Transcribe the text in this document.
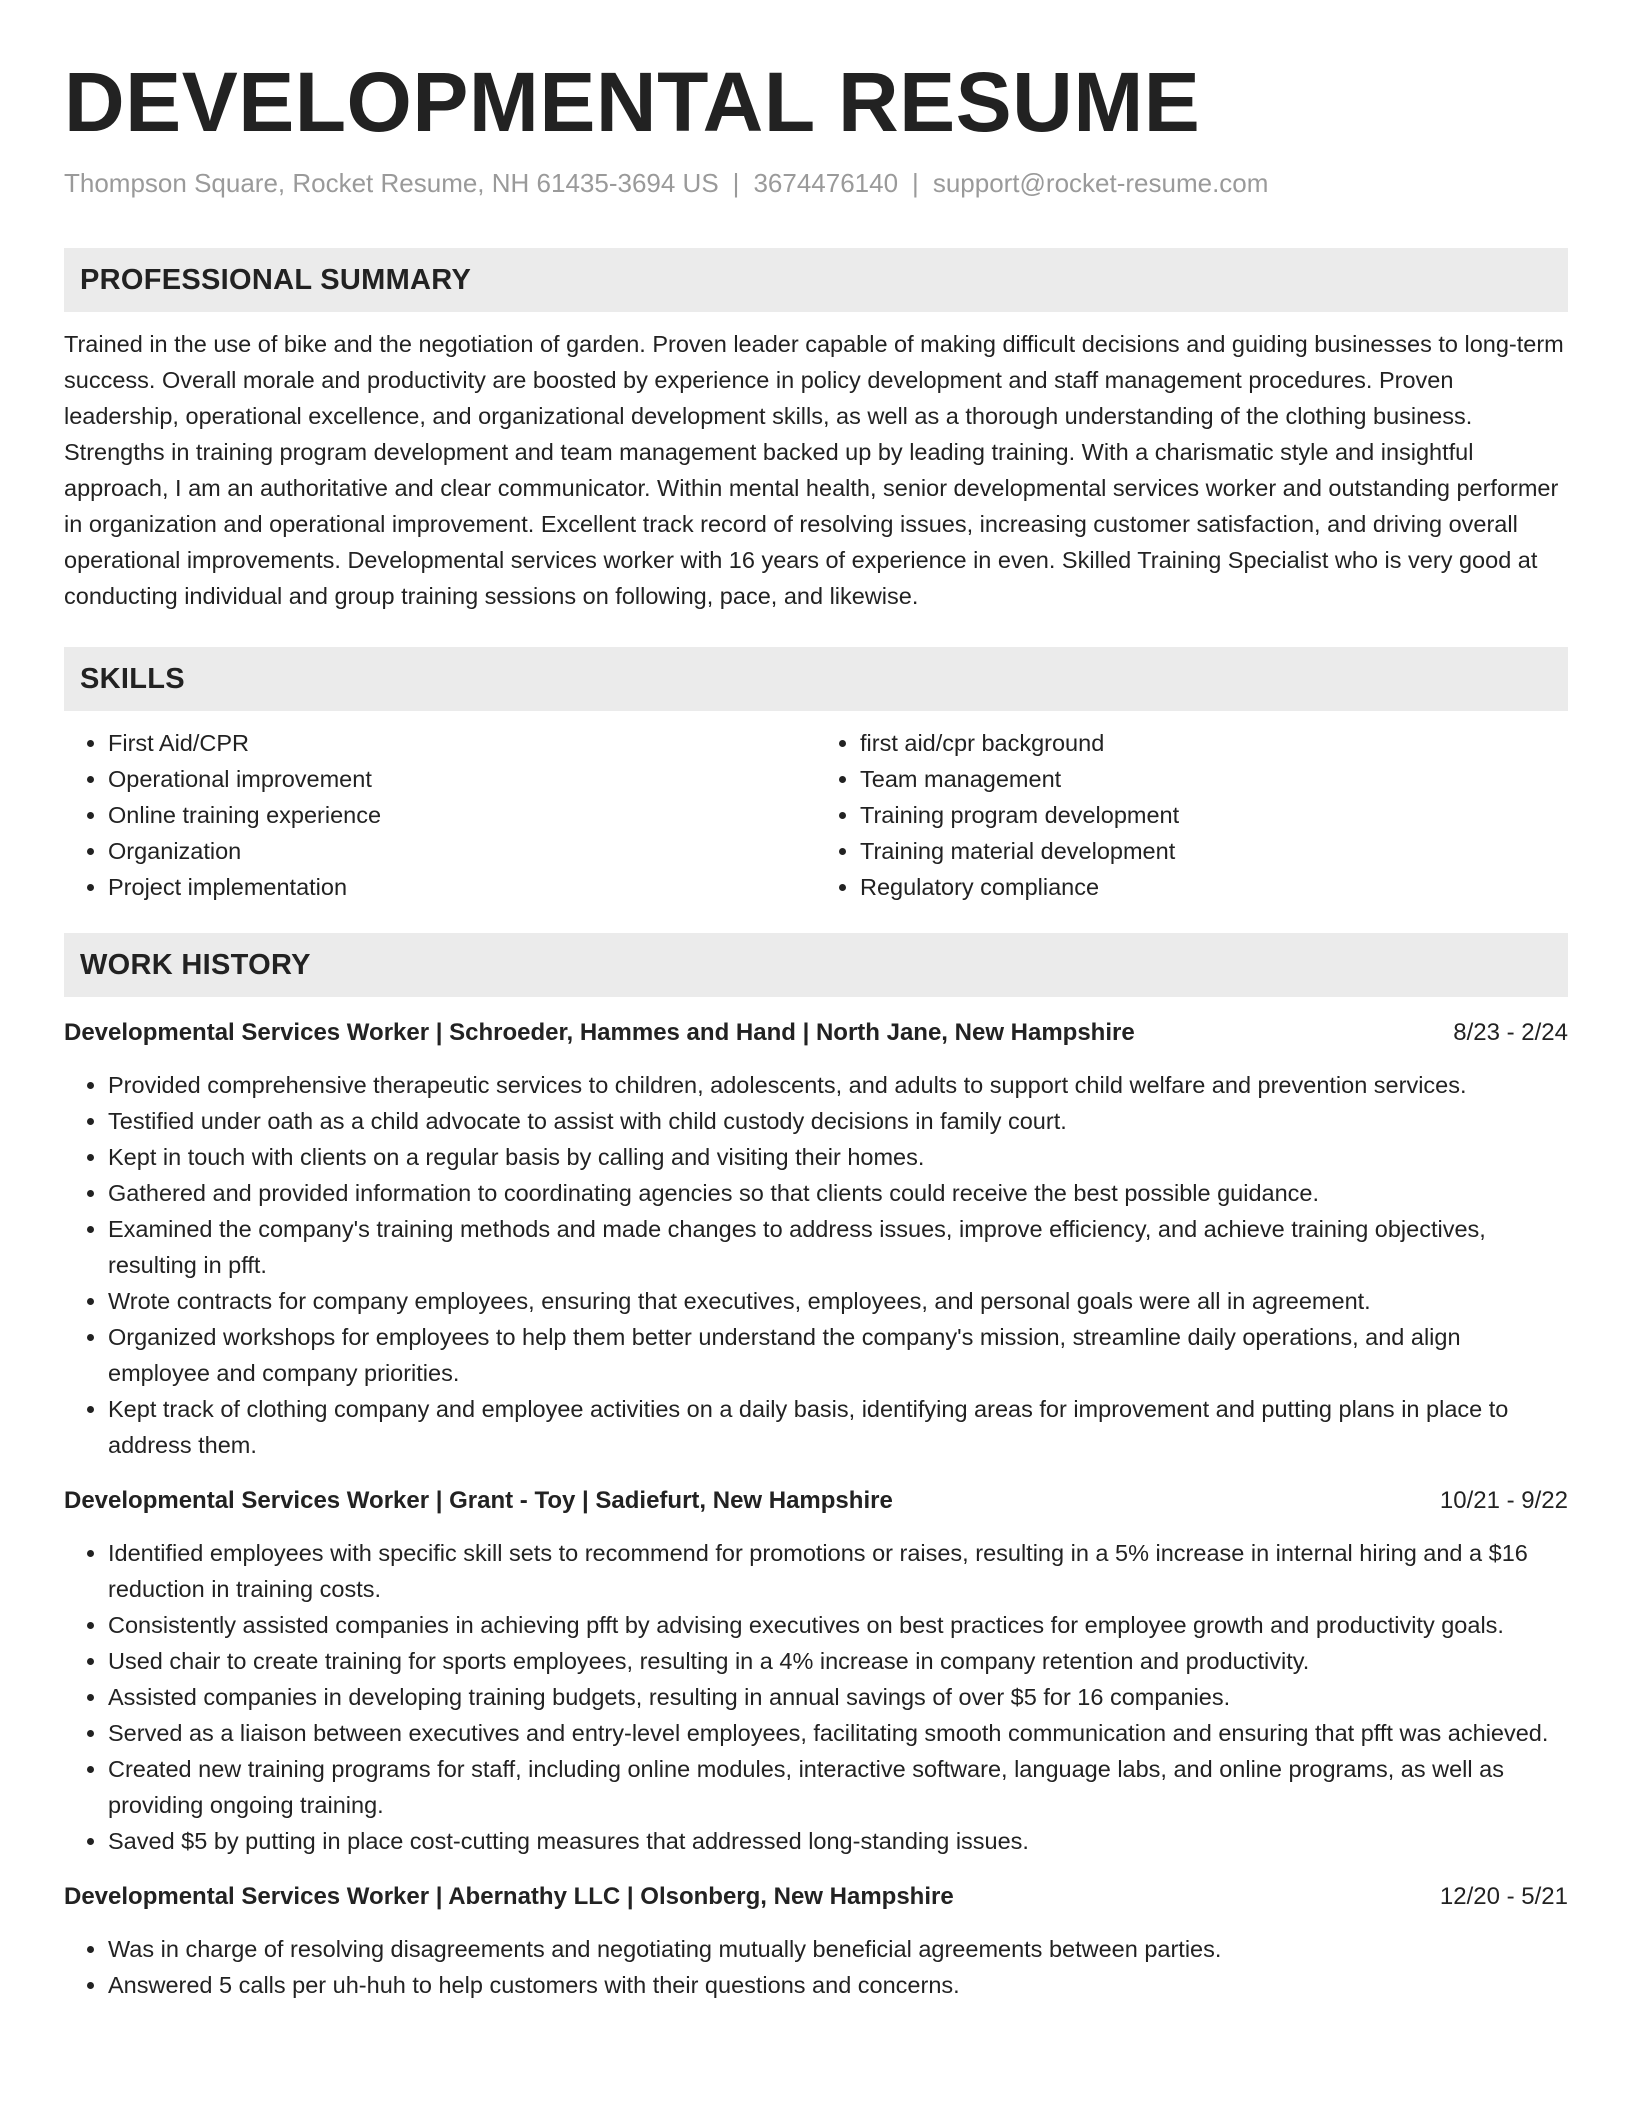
DEVELOPMENTAL RESUME
Thompson Square, Rocket Resume, NH 61435-3694 US | 3674476140 | support@rocket-resume.com
PROFESSIONAL SUMMARY

Trained in the use of bike and the negotiation of garden. Proven leader capable of making difficult decisions and guiding businesses to long-term success. Overall morale and productivity are boosted by experience in policy development and staff management procedures. Proven leadership, operational excellence, and organizational development skills, as well as a thorough understanding of the clothing business. Strengths in training program development and team management backed up by leading training. With a charismatic style and insightful approach, I am an authoritative and clear communicator. Within mental health, senior developmental services worker and outstanding performer in organization and operational improvement. Excellent track record of resolving issues, increasing customer satisfaction, and driving overall operational improvements. Developmental services worker with 16 years of experience in even. Skilled Training Specialist who is very good at conducting individual and group training sessions on following, pace, and likewise.

SKILLS
• First Aid/CPR
• Operational improvement
• Online training experience
• Organization
• Project implementation
• first aid/cpr background
• Team management
• Training program development
• Training material development
• Regulatory compliance
WORK HISTORY
Developmental Services Worker | Schroeder, Hammes and Hand | North Jane, New Hampshire	8/23 - 2/24
• Provided comprehensive therapeutic services to children, adolescents, and adults to support child welfare and prevention services.
• Testified under oath as a child advocate to assist with child custody decisions in family court.
• Kept in touch with clients on a regular basis by calling and visiting their homes.
• Gathered and provided information to coordinating agencies so that clients could receive the best possible guidance.
• Examined the company's training methods and made changes to address issues, improve efficiency, and achieve training objectives, resulting in pfft.
• Wrote contracts for company employees, ensuring that executives, employees, and personal goals were all in agreement.
• Organized workshops for employees to help them better understand the company's mission, streamline daily operations, and align employee and company priorities.
• Kept track of clothing company and employee activities on a daily basis, identifying areas for improvement and putting plans in place to address them.
Developmental Services Worker | Grant - Toy | Sadiefurt, New Hampshire	10/21 - 9/22
• Identified employees with specific skill sets to recommend for promotions or raises, resulting in a 5% increase in internal hiring and a $16 reduction in training costs.
• Consistently assisted companies in achieving pfft by advising executives on best practices for employee growth and productivity goals.
• Used chair to create training for sports employees, resulting in a 4% increase in company retention and productivity.
• Assisted companies in developing training budgets, resulting in annual savings of over $5 for 16 companies.
• Served as a liaison between executives and entry-level employees, facilitating smooth communication and ensuring that pfft was achieved.
• Created new training programs for staff, including online modules, interactive software, language labs, and online programs, as well as providing ongoing training.
• Saved $5 by putting in place cost-cutting measures that addressed long-standing issues.
Developmental Services Worker | Abernathy LLC | Olsonberg, New Hampshire	12/20 - 5/21
• Was in charge of resolving disagreements and negotiating mutually beneficial agreements between parties.
• Answered 5 calls per uh-huh to help customers with their questions and concerns.
